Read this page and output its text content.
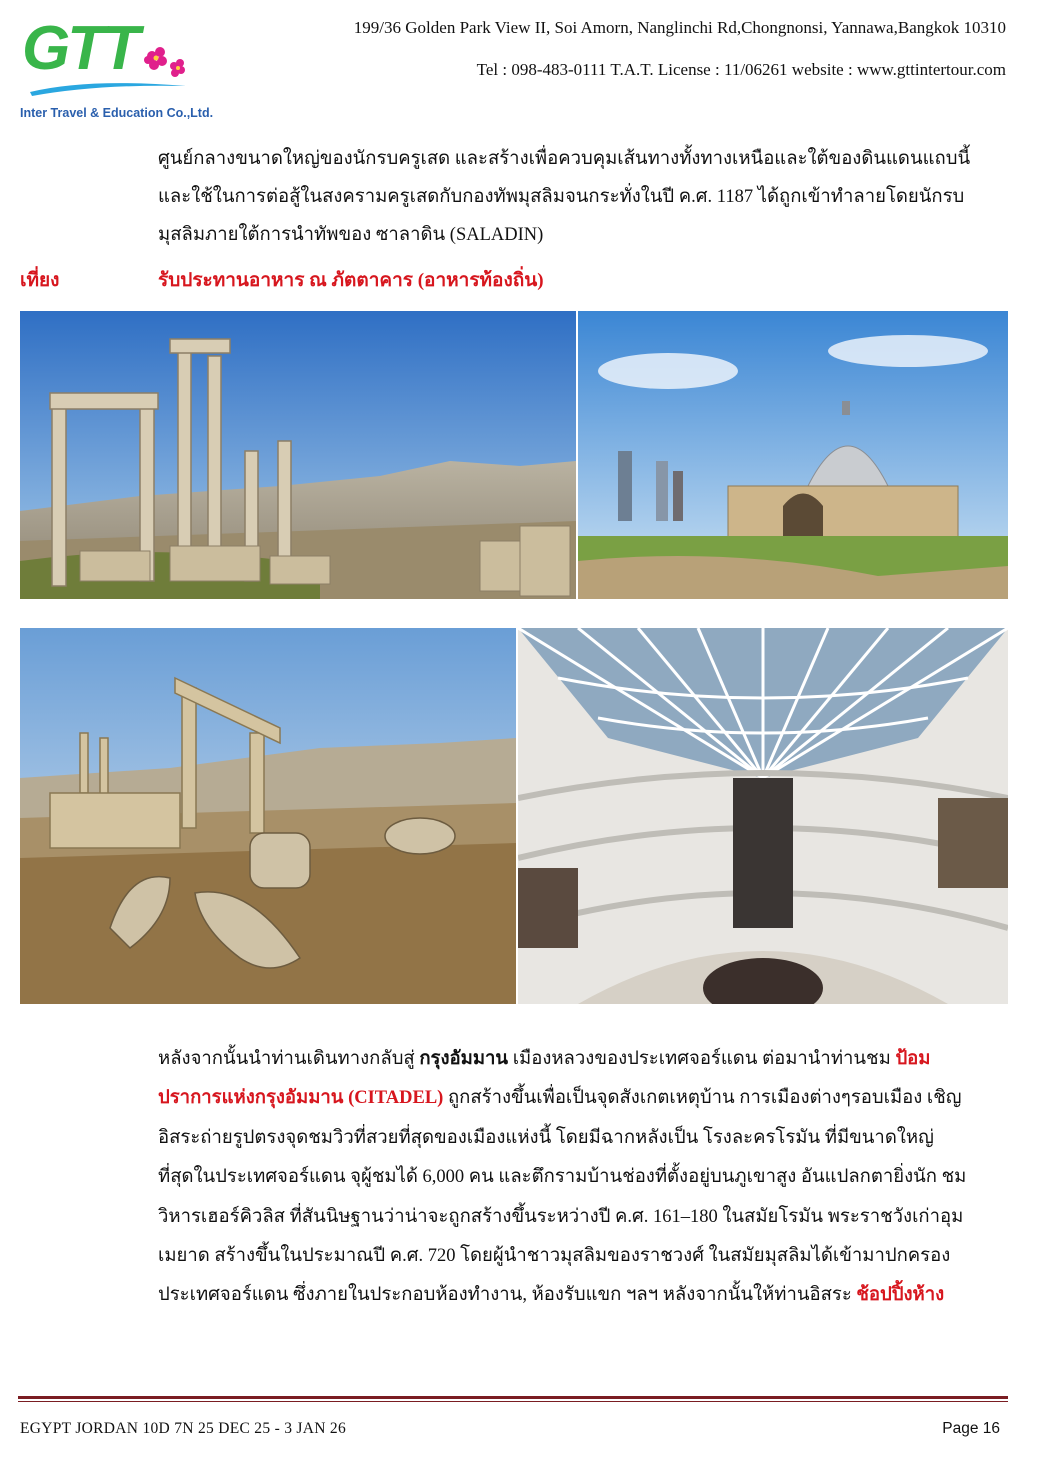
GTT
Inter Travel & Education Co.,Ltd.
199/36 Golden Park View II, Soi Amorn, Nanglinchi Rd,Chongnonsi, Yannawa,Bangkok 10310
Tel : 098-483-0111 T.A.T. License : 11/06261 website : www.gttintertour.com

ศูนย์กลางขนาดใหญ่ของนักรบครูเสด และสร้างเพื่อควบคุมเส้นทางทั้งทางเหนือและใต้ของดินแดนแถบนี้

และใช้ในการต่อสู้ในสงครามครูเสดกับกองทัพมุสลิมจนกระทั่งในปี ค.ศ. 1187 ได้ถูกเข้าทำลายโดยนักรบ

มุสลิมภายใต้การนำทัพของ ซาลาดิน (SALADIN)

เที่ยง	รับประทานอาหาร ณ ภัตตาคาร (อาหารท้องถิ่น)

หลังจากนั้นนำท่านเดินทางกลับสู่ กรุงอัมมาน เมืองหลวงของประเทศจอร์แดน ต่อมานำท่านชม ป้อม

ปราการแห่งกรุงอัมมาน (CITADEL) ถูกสร้างขึ้นเพื่อเป็นจุดสังเกตเหตุบ้าน การเมืองต่างๆรอบเมือง เชิญ

อิสระถ่ายรูปตรงจุดชมวิวที่สวยที่สุดของเมืองแห่งนี้ โดยมีฉากหลังเป็น โรงละครโรมัน ที่มีขนาดใหญ่

ที่สุดในประเทศจอร์แดน จุผู้ชมได้ 6,000 คน และตึกรามบ้านช่องที่ตั้งอยู่บนภูเขาสูง อันแปลกตายิ่งนัก ชม

วิหารเฮอร์คิวลิส ที่สันนิษฐานว่าน่าจะถูกสร้างขึ้นระหว่างปี ค.ศ. 161–180 ในสมัยโรมัน พระราชวังเก่าอุม

เมยาด สร้างขึ้นในประมาณปี ค.ศ. 720 โดยผู้นำชาวมุสลิมของราชวงศ์ ในสมัยมุสลิมได้เข้ามาปกครอง

ประเทศจอร์แดน ซึ่งภายในประกอบห้องทำงาน, ห้องรับแขก ฯลฯ หลังจากนั้นให้ท่านอิสระ ช้อปปิ้งห้าง

EGYPT JORDAN 10D 7N 25 DEC 25 - 3 JAN 26	Page 16
